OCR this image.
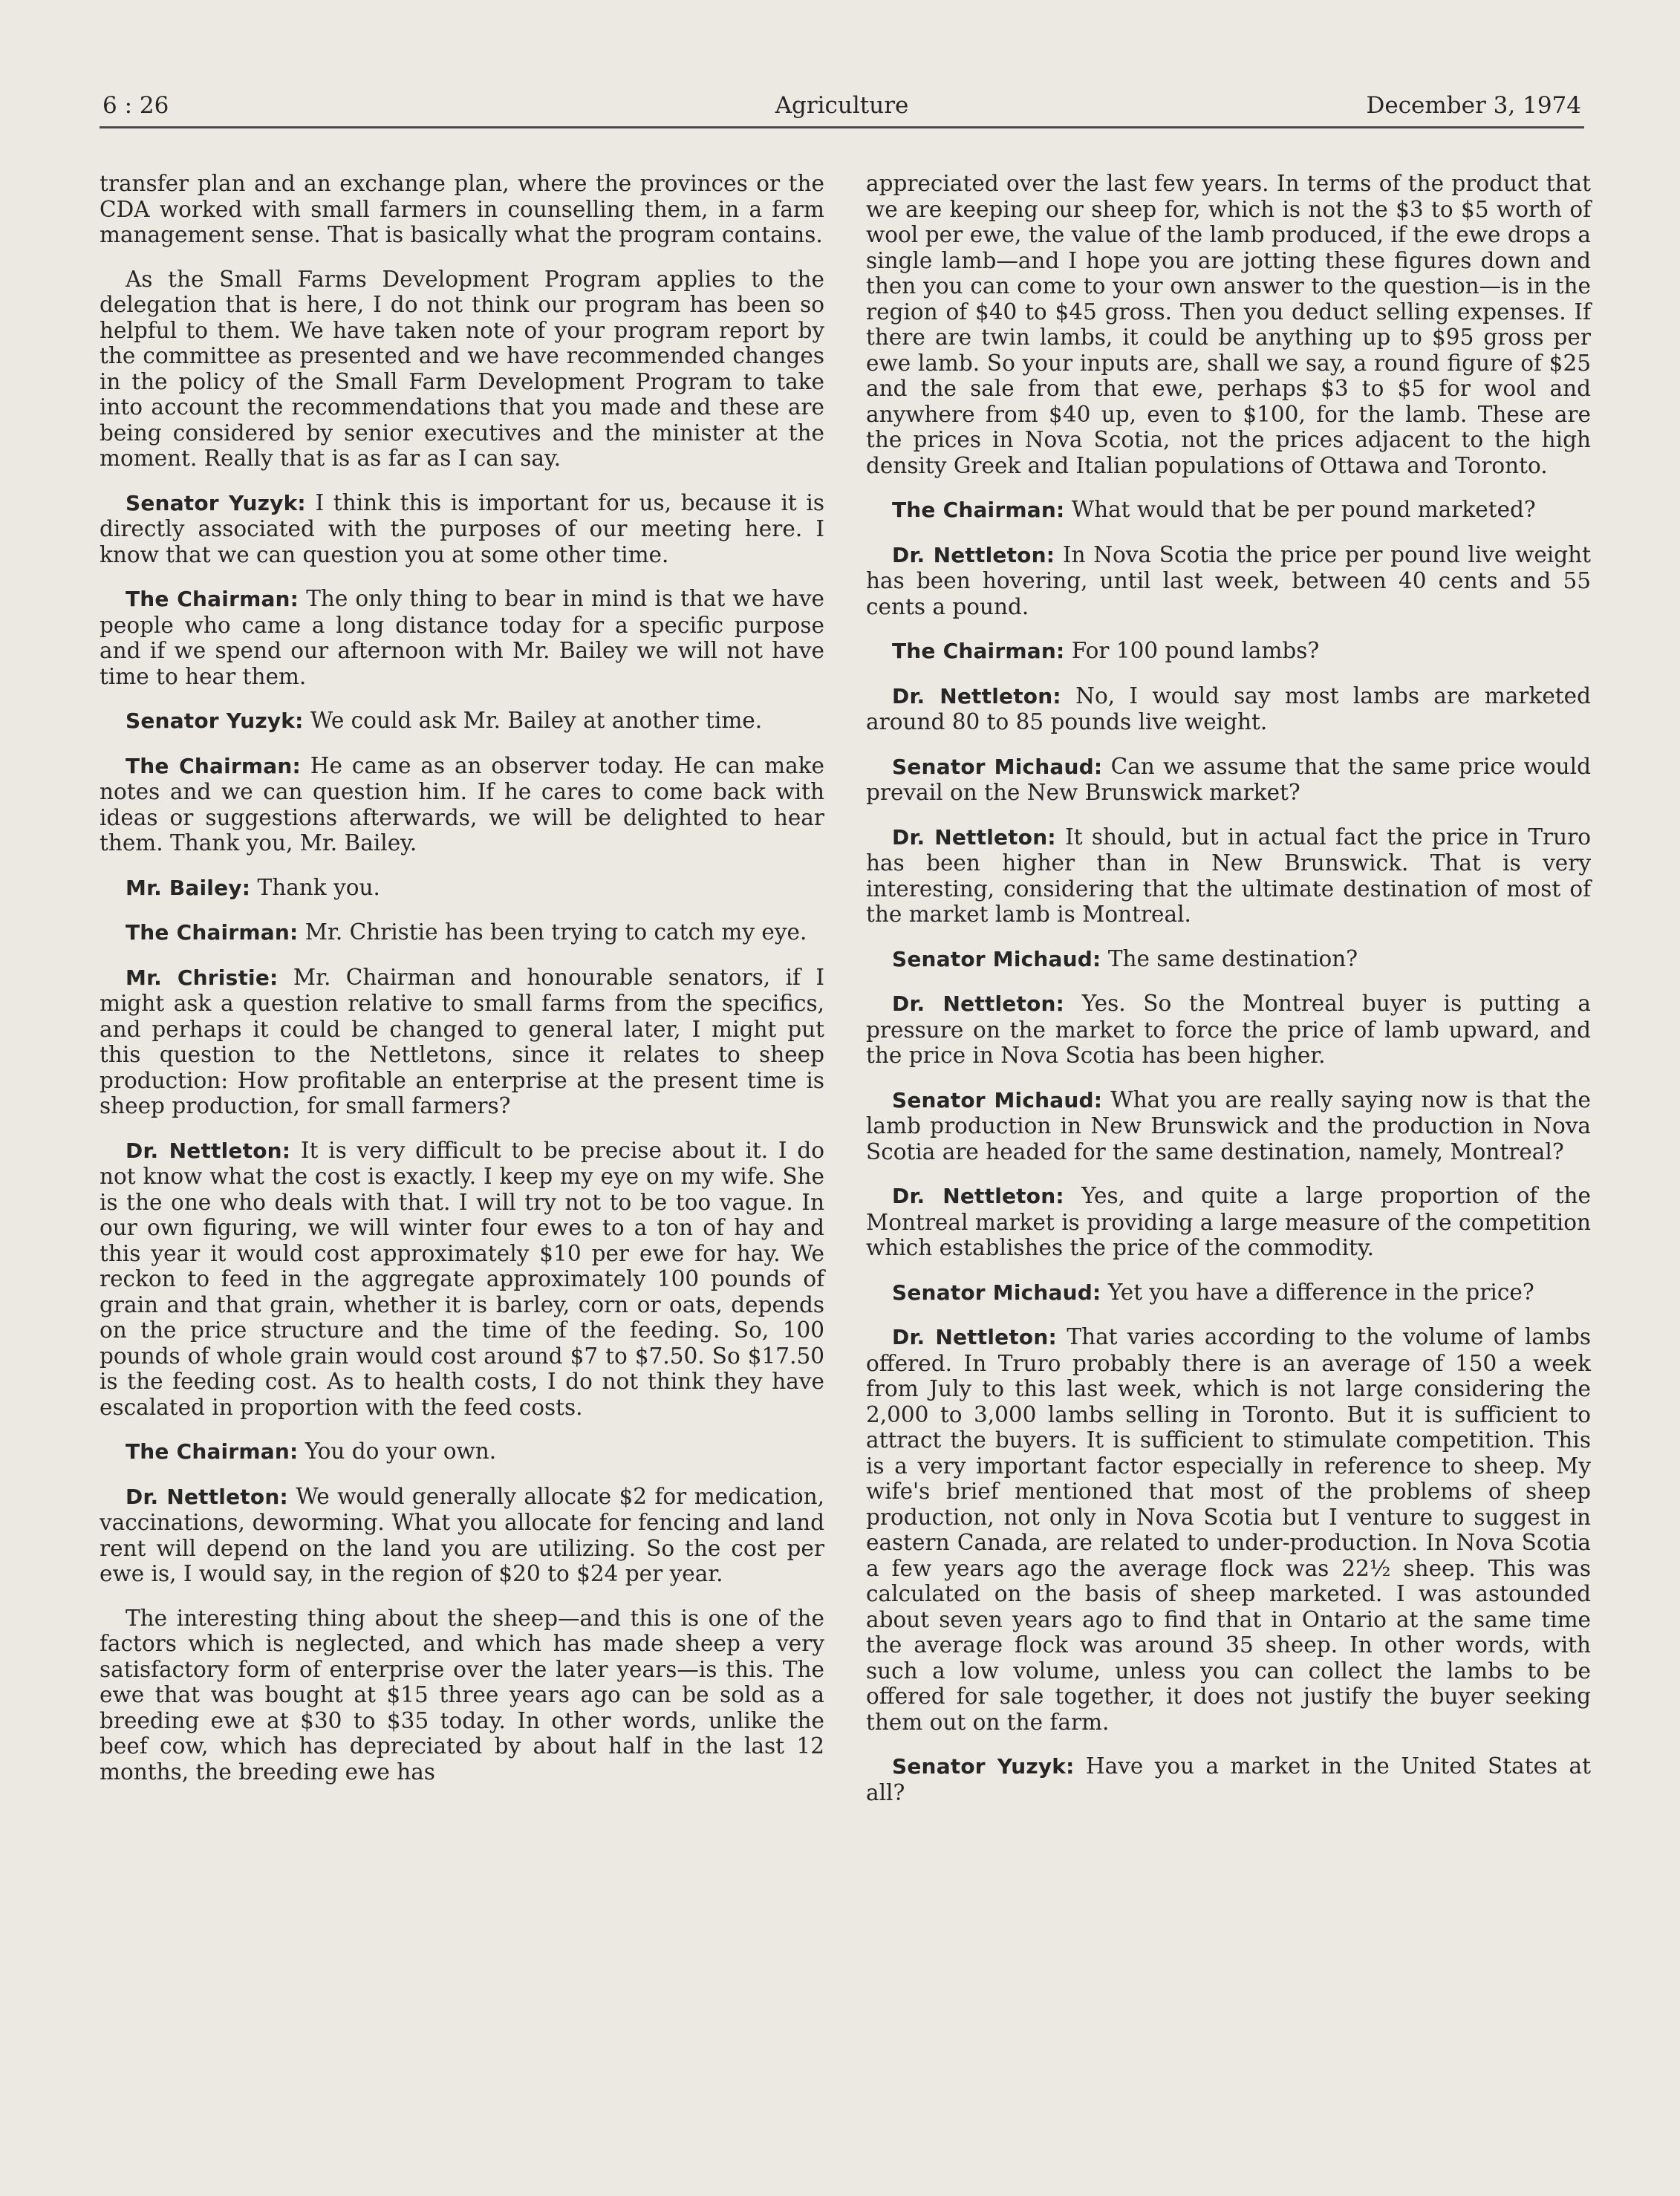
6 : 26	Agriculture	December 3, 1974

transfer plan and an exchange plan, where the provinces or the CDA worked with small farmers in counselling them, in a farm management sense. That is basically what the program contains.

As the Small Farms Development Program applies to the delegation that is here, I do not think our program has been so helpful to them. We have taken note of your program report by the committee as presented and we have recommended changes in the policy of the Small Farm Development Program to take into account the recommendations that you made and these are being considered by senior executives and the minister at the moment. Really that is as far as I can say.

Senator Yuzyk: I think this is important for us, because it is directly associated with the purposes of our meeting here. I know that we can question you at some other time.

The Chairman: The only thing to bear in mind is that we have people who came a long distance today for a specific purpose and if we spend our afternoon with Mr. Bailey we will not have time to hear them.

Senator Yuzyk: We could ask Mr. Bailey at another time.

The Chairman: He came as an observer today. He can make notes and we can question him. If he cares to come back with ideas or suggestions afterwards, we will be delighted to hear them. Thank you, Mr. Bailey.

Mr. Bailey: Thank you.

The Chairman: Mr. Christie has been trying to catch my eye.

Mr. Christie: Mr. Chairman and honourable senators, if I might ask a question relative to small farms from the specifics, and perhaps it could be changed to general later, I might put this question to the Nettletons, since it relates to sheep production: How profitable an enterprise at the present time is sheep production, for small farmers?

Dr. Nettleton: It is very difficult to be precise about it. I do not know what the cost is exactly. I keep my eye on my wife. She is the one who deals with that. I will try not to be too vague. In our own figuring, we will winter four ewes to a ton of hay and this year it would cost approximately $10 per ewe for hay. We reckon to feed in the aggregate approximately 100 pounds of grain and that grain, whether it is barley, corn or oats, depends on the price structure and the time of the feeding. So, 100 pounds of whole grain would cost around $7 to $7.50. So $17.50 is the feeding cost. As to health costs, I do not think they have escalated in proportion with the feed costs.

The Chairman: You do your own.

Dr. Nettleton: We would generally allocate $2 for medication, vaccinations, deworming. What you allocate for fencing and land rent will depend on the land you are utilizing. So the cost per ewe is, I would say, in the region of $20 to $24 per year.

The interesting thing about the sheep—and this is one of the factors which is neglected, and which has made sheep a very satisfactory form of enterprise over the later years—is this. The ewe that was bought at $15 three years ago can be sold as a breeding ewe at $30 to $35 today. In other words, unlike the beef cow, which has depreciated by about half in the last 12 months, the breeding ewe has

appreciated over the last few years. In terms of the product that we are keeping our sheep for, which is not the $3 to $5 worth of wool per ewe, the value of the lamb produced, if the ewe drops a single lamb—and I hope you are jotting these figures down and then you can come to your own answer to the question—is in the region of $40 to $45 gross. Then you deduct selling expenses. If there are twin lambs, it could be anything up to $95 gross per ewe lamb. So your inputs are, shall we say, a round figure of $25 and the sale from that ewe, perhaps $3 to $5 for wool and anywhere from $40 up, even to $100, for the lamb. These are the prices in Nova Scotia, not the prices adjacent to the high density Greek and Italian populations of Ottawa and Toronto.

The Chairman: What would that be per pound marketed?

Dr. Nettleton: In Nova Scotia the price per pound live weight has been hovering, until last week, between 40 cents and 55 cents a pound.

The Chairman: For 100 pound lambs?

Dr. Nettleton: No, I would say most lambs are marketed around 80 to 85 pounds live weight.

Senator Michaud: Can we assume that the same price would prevail on the New Brunswick market?

Dr. Nettleton: It should, but in actual fact the price in Truro has been higher than in New Brunswick. That is very interesting, considering that the ultimate destination of most of the market lamb is Montreal.

Senator Michaud: The same destination?

Dr. Nettleton: Yes. So the Montreal buyer is putting a pressure on the market to force the price of lamb upward, and the price in Nova Scotia has been higher.

Senator Michaud: What you are really saying now is that the lamb production in New Brunswick and the production in Nova Scotia are headed for the same destination, namely, Montreal?

Dr. Nettleton: Yes, and quite a large proportion of the Montreal market is providing a large measure of the competition which establishes the price of the commodity.

Senator Michaud: Yet you have a difference in the price?

Dr. Nettleton: That varies according to the volume of lambs offered. In Truro probably there is an average of 150 a week from July to this last week, which is not large considering the 2,000 to 3,000 lambs selling in Toronto. But it is sufficient to attract the buyers. It is sufficient to stimulate competition. This is a very important factor especially in reference to sheep. My wife's brief mentioned that most of the problems of sheep production, not only in Nova Scotia but I venture to suggest in eastern Canada, are related to under-production. In Nova Scotia a few years ago the average flock was 22½ sheep. This was calculated on the basis of sheep marketed. I was astounded about seven years ago to find that in Ontario at the same time the average flock was around 35 sheep. In other words, with such a low volume, unless you can collect the lambs to be offered for sale together, it does not justify the buyer seeking them out on the farm.

Senator Yuzyk: Have you a market in the United States at all?
